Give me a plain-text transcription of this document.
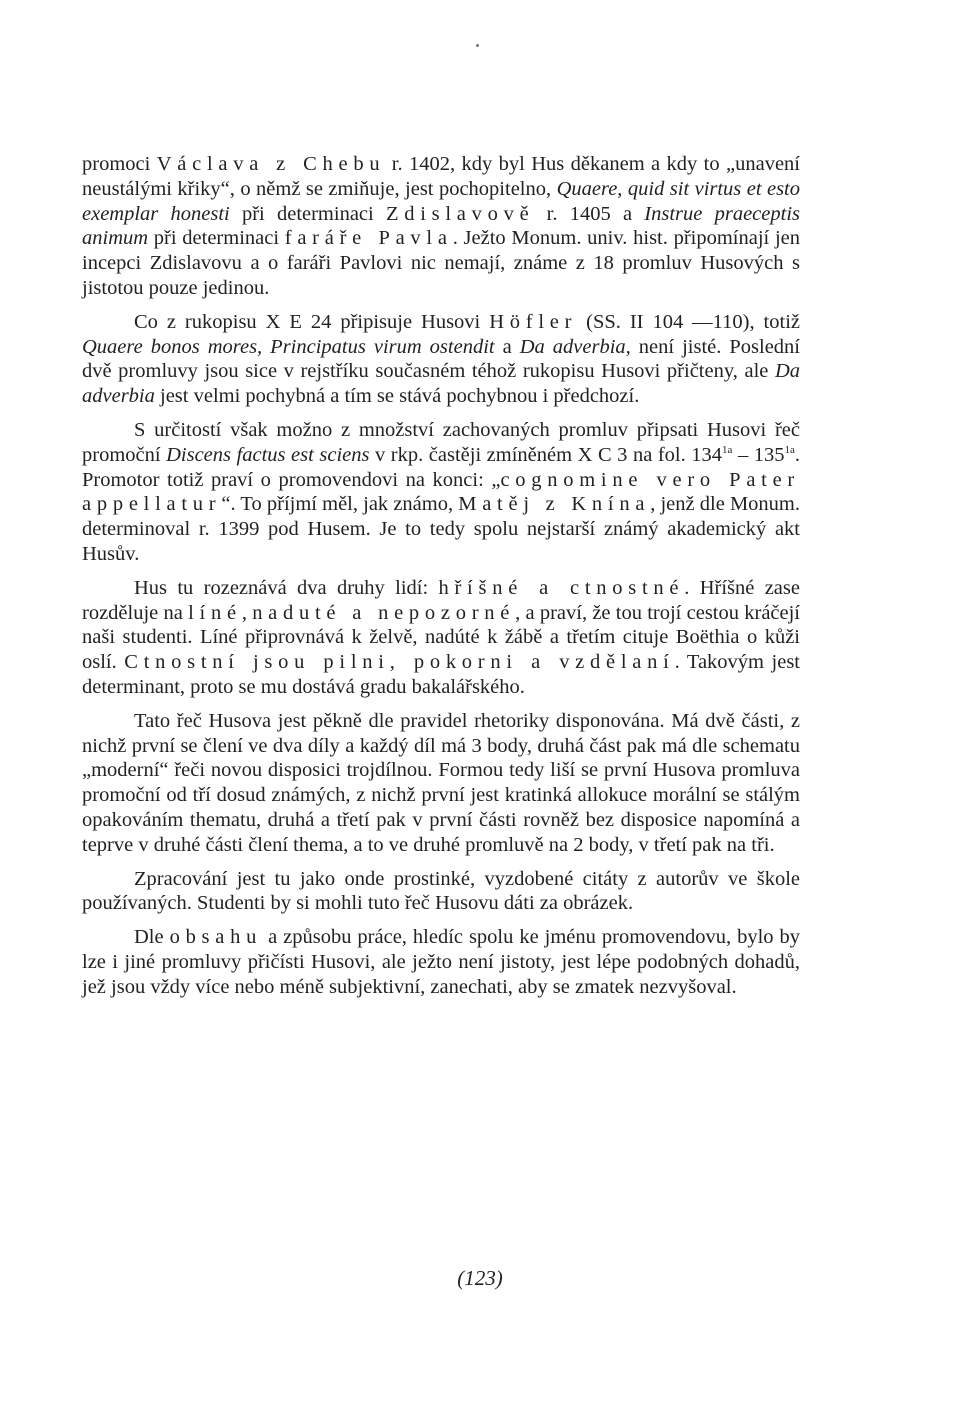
promoci Václava z Chebu r. 1402, kdy byl Hus děkanem a kdy to „unavení neustálými křiky“, o němž se zmiňuje, jest pochopitelno, Quaere, quid sit virtus et esto exemplar honesti při determinaci Zdislavově r. 1405 a Instrue praeceptis animum při determinaci faráře Pavla. Ježto Monum. univ. hist. připomínají jen incepci Zdislavovu a o faráři Pavlovi nic nemají, známe z 18 promluv Husových s jistotou pouze jedinou.

Co z rukopisu X E 24 připisuje Husovi Höfler (SS. II 104 —110), totiž Quaere bonos mores, Principatus virum ostendit a Da adverbia, není jisté. Poslední dvě promluvy jsou sice v rejstříku současném téhož rukopisu Husovi přičteny, ale Da adverbia jest velmi pochybná a tím se stává pochybnou i předchozí.

S určitostí však možno z množství zachovaných promluv připsati Husovi řeč promoční Discens factus est sciens v rkp. častěji zmíněném X C 3 na fol. $134^{1a} - 135^{1a}$. Promotor totiž praví o promovendovi na konci: „cognomine vero Pater appellatur“. To příjmí měl, jak známo, Matěj z Knína, jenž dle Monum. determinoval r. 1399 pod Husem. Je to tedy spolu nejstarší známý akademický akt Husův.

Hus tu rozeznává dva druhy lidí: hříšné a ctnostné. Hříšné zase rozděluje na líné, naduté a nepozorné, a praví, že tou trojí cestou kráčejí naši studenti. Líné připrovnává k želvě, nadúté k žábě a třetím cituje Boëthia o kůži oslí. Ctnostní jsou pilni, pokorni a vzdělaní. Takovým jest determinant, proto se mu dostává gradu bakalářského.

Tato řeč Husova jest pěkně dle pravidel rhetoriky disponována. Má dvě části, z nichž první se člení ve dva díly a každý díl má 3 body, druhá část pak má dle schematu „moderní“ řeči novou disposici trojdílnou. Formou tedy liší se první Husova promluva promoční od tří dosud známých, z nichž první jest kratinká allokuce morální se stálým opakováním thematu, druhá a třetí pak v první části rovněž bez disposice napomíná a teprve v druhé části člení thema, a to ve druhé promluvě na 2 body, v třetí pak na tři.

Zpracování jest tu jako onde prostinké, vyzdobené citáty z autorův ve škole používaných. Studenti by si mohli tuto řeč Husovu dáti za obrázek.

Dle obsahu a způsobu práce, hledíc spolu ke jménu promovendovu, bylo by lze i jiné promluvy přičísti Husovi, ale ježto není jistoty, jest lépe podobných dohadů, jež jsou vždy více nebo méně subjektivní, zanechati, aby se zmatek nezvyšoval.

(123)
